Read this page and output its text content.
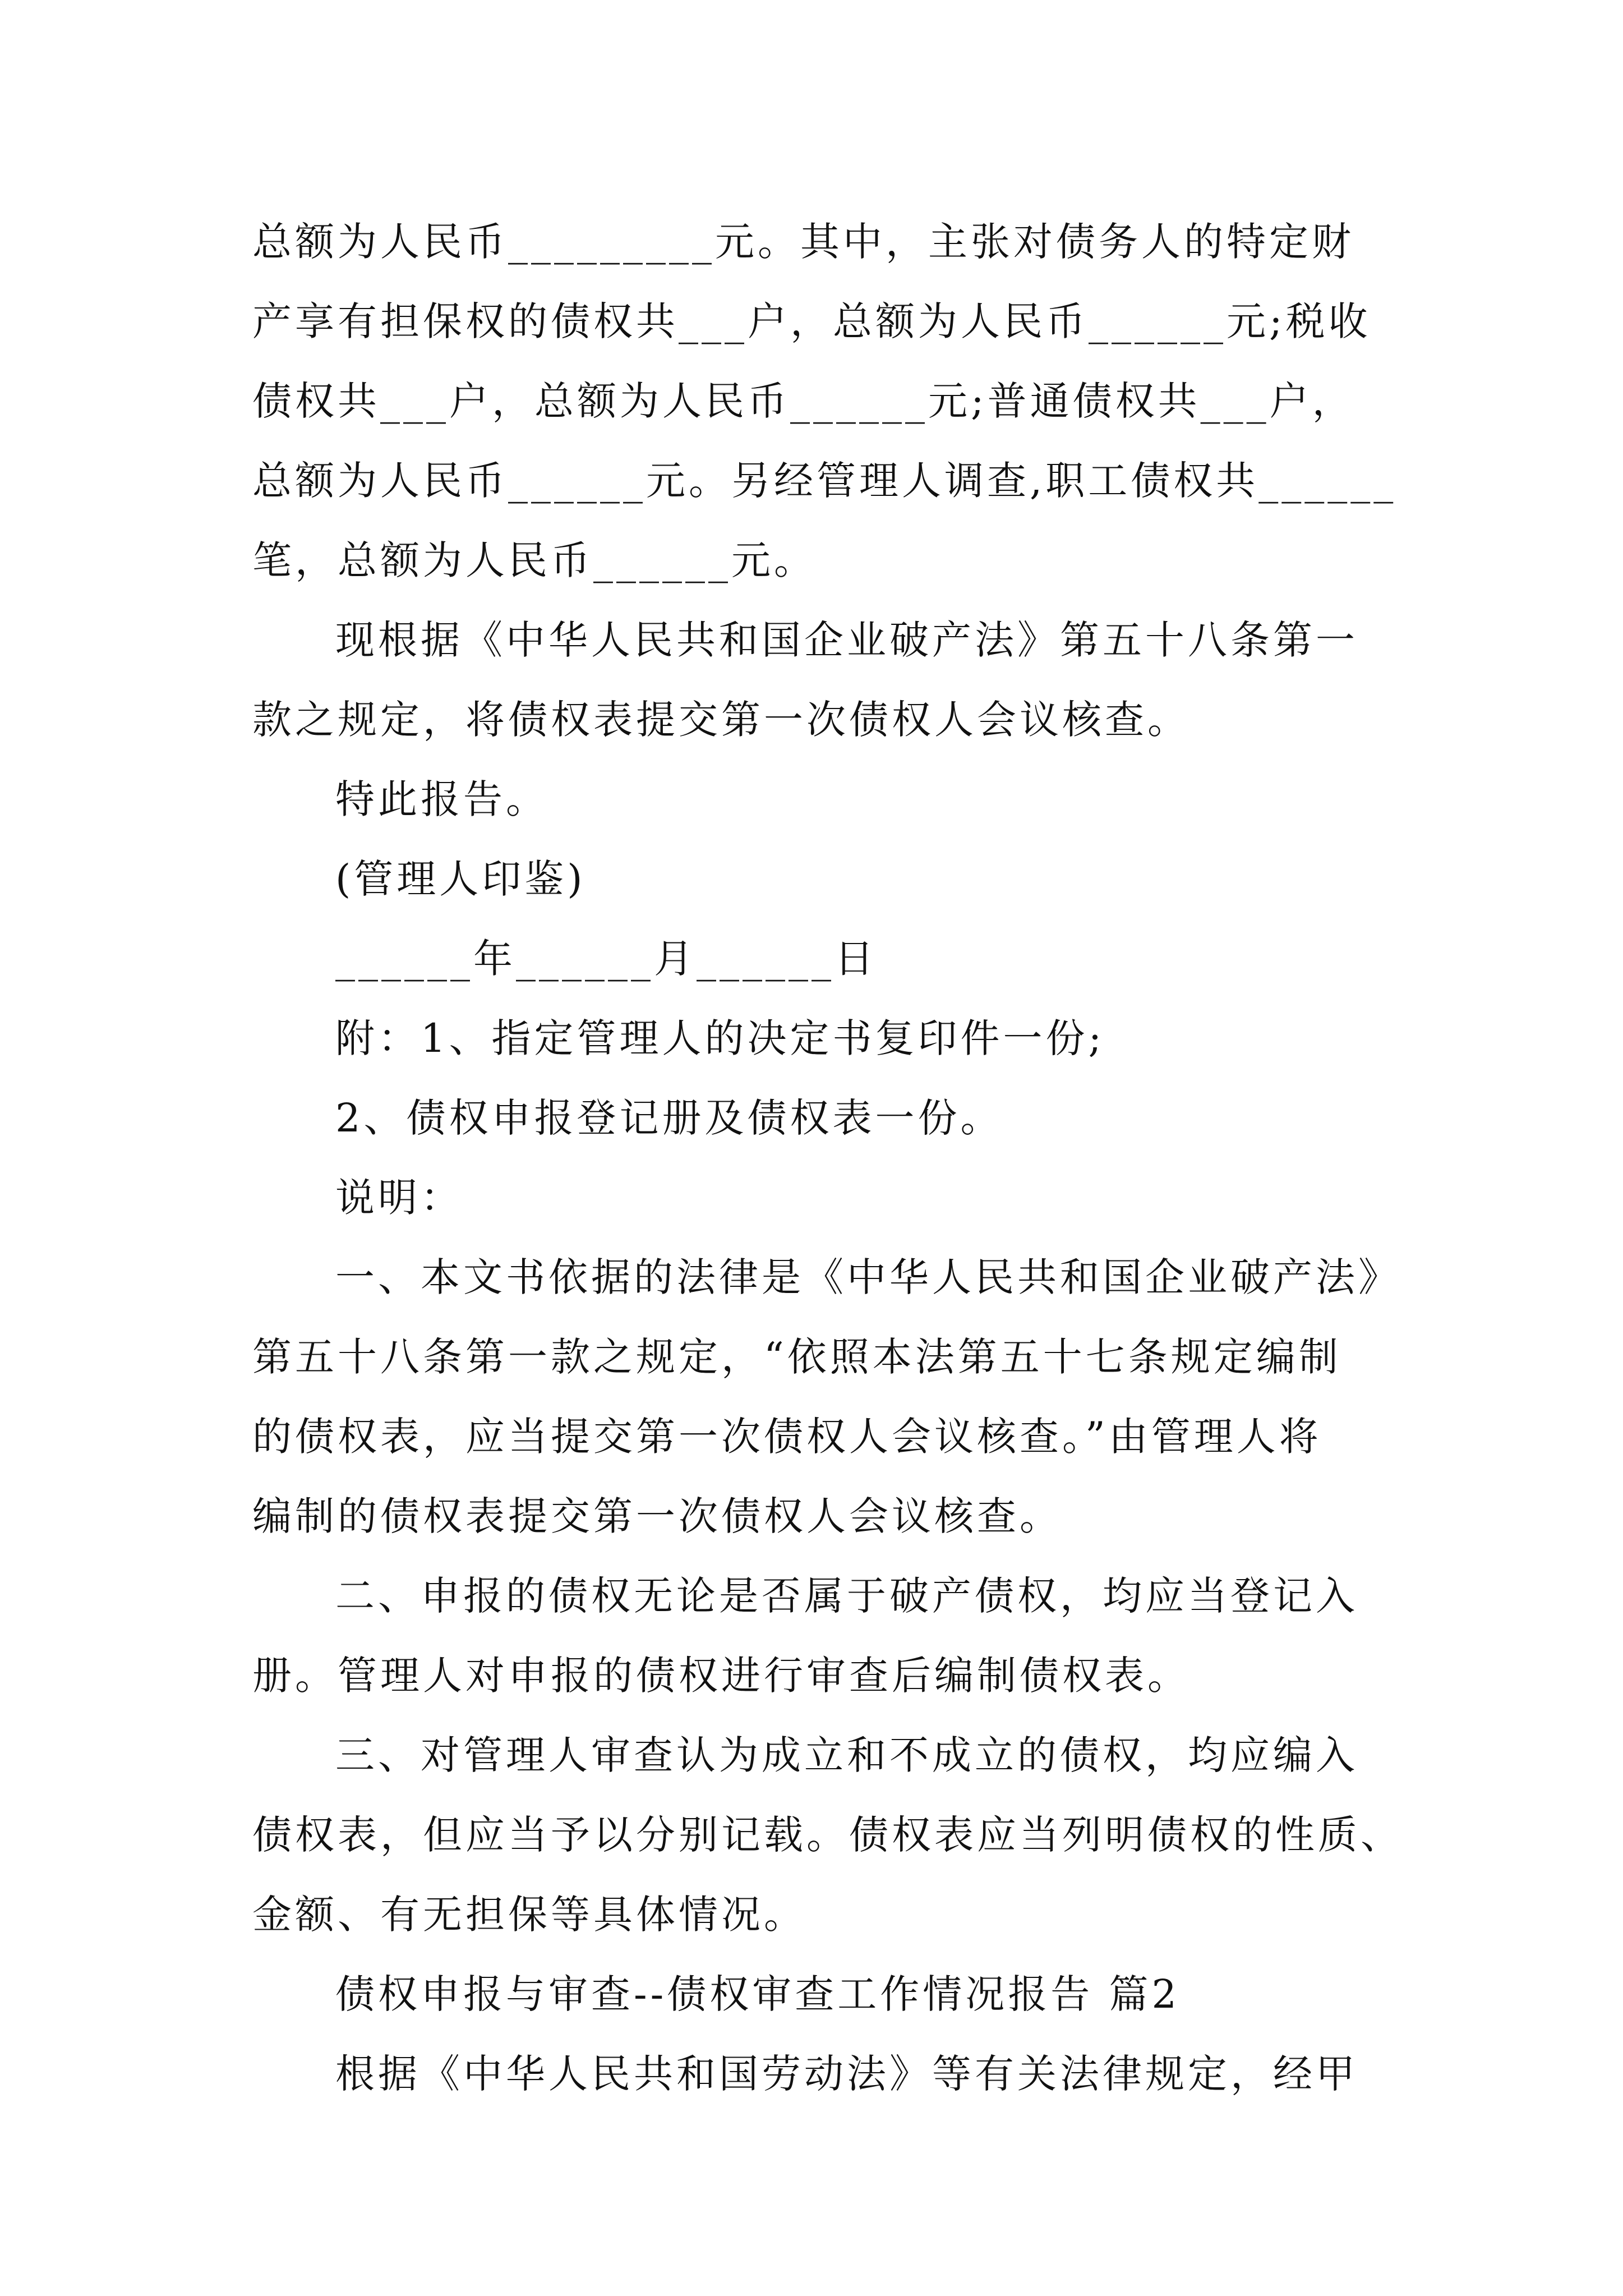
总额为人民币_________元。其中，主张对债务人的特定财
产享有担保权的债权共___户，总额为人民币______元;税收
债权共___户，总额为人民币______元;普通债权共___户，
总额为人民币______元。另经管理人调查,职工债权共______
笔，总额为人民币______元。
现根据《中华人民共和国企业破产法》第五十八条第一
款之规定，将债权表提交第一次债权人会议核查。
特此报告。
(管理人印鉴)
______年______月______日
附：1、指定管理人的决定书复印件一份;
2、债权申报登记册及债权表一份。
说明：
一、本文书依据的法律是《中华人民共和国企业破产法》
第五十八条第一款之规定，“依照本法第五十七条规定编制
的债权表，应当提交第一次债权人会议核查。”由管理人将
编制的债权表提交第一次债权人会议核查。
二、申报的债权无论是否属于破产债权，均应当登记入
册。管理人对申报的债权进行审查后编制债权表。
三、对管理人审查认为成立和不成立的债权，均应编入
债权表，但应当予以分别记载。债权表应当列明债权的性质、
金额、有无担保等具体情况。
债权申报与审查--债权审查工作情况报告 篇2
根据《中华人民共和国劳动法》等有关法律规定，经甲
